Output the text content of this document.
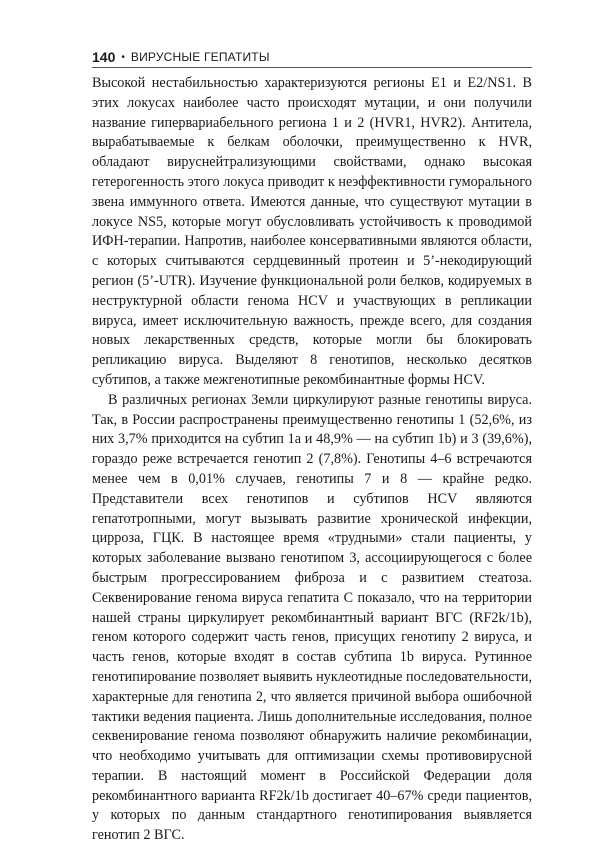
140 • ВИРУСНЫЕ ГЕПАТИТЫ

Высокой нестабильностью характеризуются регионы E1 и E2/NS1. В этих локусах наиболее часто происходят мутации, и они получили название гипервариабельного региона 1 и 2 (HVR1, HVR2). Антитела, вырабатываемые к белкам оболочки, преимущественно к HVR, обладают вируснейтрализующими свойствами, однако высокая гетерогенность этого локуса приводит к неэффективности гуморального звена иммунного ответа. Имеются данные, что существуют мутации в локусе NS5, которые могут обусловливать устойчивость к проводимой ИФН-терапии. Напротив, наиболее консервативными являются области, с которых считываются сердцевинный протеин и 5’-некодирующий регион (5’-UTR). Изучение функциональной роли белков, кодируемых в неструктурной области генома HCV и участвующих в репликации вируса, имеет исключительную важность, прежде всего, для создания новых лекарственных средств, которые могли бы блокировать репликацию вируса. Выделяют 8 генотипов, несколько десятков субтипов, а также межгенотипные рекомбинантные формы HCV.

В различных регионах Земли циркулируют разные генотипы вируса. Так, в России распространены преимущественно генотипы 1 (52,6%, из них 3,7% приходится на субтип 1a и 48,9% — на субтип 1b) и 3 (39,6%), гораздо реже встречается генотип 2 (7,8%). Генотипы 4–6 встречаются менее чем в 0,01% случаев, генотипы 7 и 8 — крайне редко. Представители всех генотипов и субтипов HCV являются гепатотропными, могут вызывать развитие хронической инфекции, цирроза, ГЦК. В настоящее время «трудными» стали пациенты, у которых заболевание вызвано генотипом 3, ассоциирующегося с более быстрым прогрессированием фиброза и с развитием стеатоза. Секвенирование генома вируса гепатита С показало, что на территории нашей страны циркулирует рекомбинантный вариант ВГС (RF2k/1b), геном которого содержит часть генов, присущих генотипу 2 вируса, и часть генов, которые входят в состав субтипа 1b вируса. Рутинное генотипирование позволяет выявить нуклеотидные последовательности, характерные для генотипа 2, что является причиной выбора ошибочной тактики ведения пациента. Лишь дополнительные исследования, полное секвенирование генома позволяют обнаружить наличие рекомбинации, что необходимо учитывать для оптимизации схемы противовирусной терапии. В настоящий момент в Российской Федерации доля рекомбинантного варианта RF2k/1b достигает 40–67% среди пациентов, у которых по данным стандартного генотипирования выявляется генотип 2 ВГС.
